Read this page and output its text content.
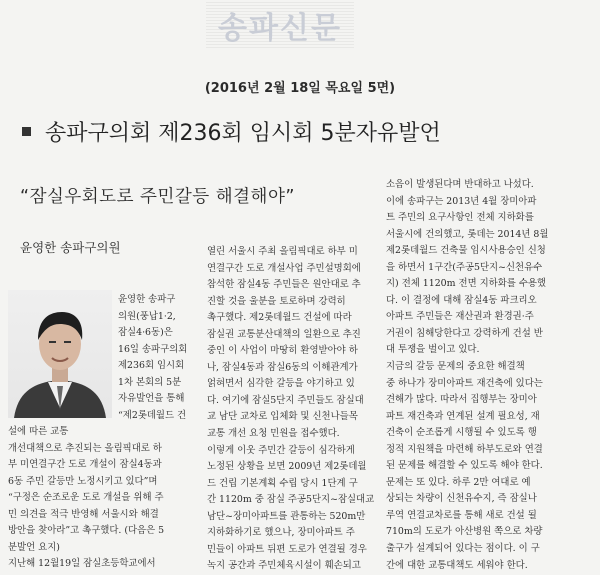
송파신문
(2016년 2월 18일 목요일 5면)
송파구의회 제236회 임시회 5분자유발언
“잠실우회도로 주민갈등 해결해야”
윤영한 송파구의원
윤영한 송파구
의원(풍납1·2,
잠실4·6동)은
16일 송파구의회
제236회 임시회
1차 본회의 5분
자유발언을 통해
“제2롯데월드 건
설에 따른 교통
개선대책으로 추진되는 올림픽대로 하
부 미연결구간 도로 개설이 잠실4동과
6동 주민 갈등만 노정시키고 있다”며
“구정은 순조로운 도로 개설을 위해 주
민 의견을 적극 반영해 서울시와 해결
방안을 찾아라”고 촉구했다. (다음은 5
분발언 요지)
지난해 12월19일 잠실초등학교에서
열린 서울시 주최 올림픽대로 하부 미
연결구간 도로 개설사업 주민설명회에
참석한 잠실4동 주민들은 원안대로 추
진할 것을 울분을 토로하며 강력히
촉구했다. 제2롯데월드 건설에 따라
잠실권 교통분산대책의 일환으로 추진
중인 이 사업이 마땅히 환영받아야 하
나, 잠실4동과 잠실6동의 이해관계가
얽혀면서 심각한 갈등을 야기하고 있
다. 여기에 잠실5단지 주민들도 잠실대
교 남단 교차로 입체화 및 신천나들목
교통 개선 요청 민원을 접수했다.
이렇게 이웃 주민간 갈등이 심각하게
노정된 상황을 보면 2009년 제2롯데월
드 건립 기본계획 수립 당시 1단계 구
간 1120m 중 잠실 주공5단지~잠실대교
남단~장미아파트를 관통하는 520m만
지하화하기로 했으나, 장미아파트 주
민들이 아파트 뒤편 도로가 연결될 경우
녹지 공간과 주민체육시설이 훼손되고
소음이 발생된다며 반대하고 나섰다.
이에 송파구는 2013년 4월 장미아파
트 주민의 요구사항인 전체 지하화를
서울시에 건의했고, 롯데는 2014년 8월
제2롯데월드 건축물 임시사용승인 신청
을 하면서 1구간(주공5단지~신천유수
지) 전체 1120m 전면 지하화를 수용했
다. 이 결정에 대해 잠실4동 파크리오
아파트 주민들은 재산권과 환경권·주
거권이 침해당한다고 강력하게 건설 반
대 투쟁을 벌이고 있다.
지금의 갈등 문제의 중요한 해결책
중 하나가 장미아파트 재건축에 있다는
견해가 많다. 따라서 집행부는 장미아
파트 재건축과 연계된 설계 필요성, 재
건축이 순조롭게 시행될 수 있도록 행
정적 지원책을 마련해 하부도로와 연결
된 문제를 해결할 수 있도록 해야 한다.
문제는 또 있다. 하루 2만 여대로 예
상되는 차량이 신천유수지, 즉 잠실나
루역 연결교차로를 통해 새로 건설 될
710m의 도로가 아산병원 쪽으로 차량
출구가 설계되어 있다는 점이다. 이 구
간에 대한 교통대책도 세워야 한다.
